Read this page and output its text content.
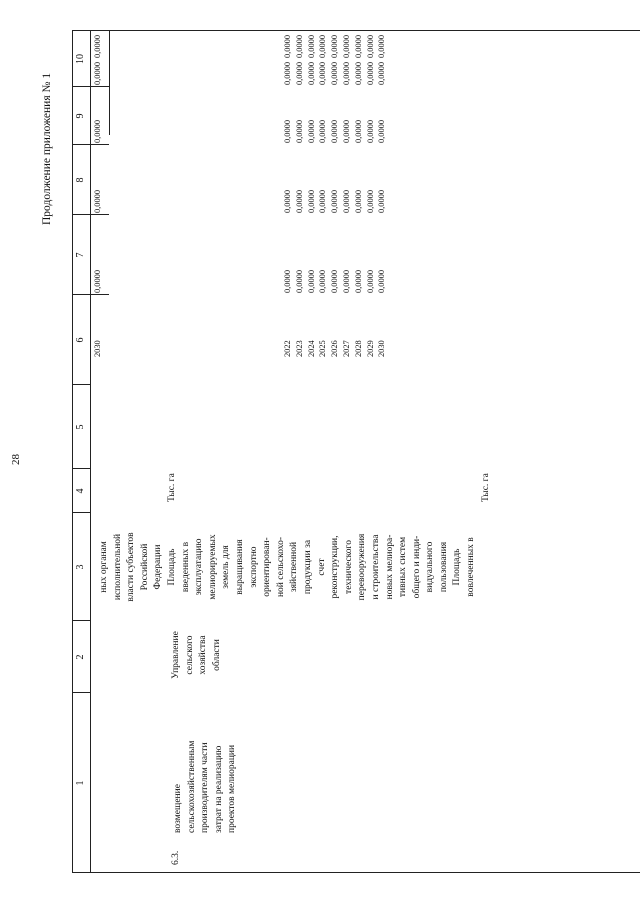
28
Продолжение приложения № 1
1
2
3
4
5
6
7
8
9
10
ных органам исполнительной власти субъектов Российской Федерации
2030
0,0000
0,0000
0,0000
0,0000
0,0000
6.3.
возмещение сельскохозяйственным производителям части затрат на реализацию проектов мелиорации
Управление сельского хозяйства области
Площадь введенных в эксплуатацию мелиорируемых земель для выращивания экспортно ориентирован- ной сельскохо- зяйственной продукции за счет реконструкции, технического перевооружения и строительства новых мелиора- тивных систем общего и инди- видуального пользования Площадь вовлеченных в
Тыс. га	Тыс. га
2022 2023 2024 2025 2026 2027 2028 2029 2030
0,0000 0,0000 0,0000 0,0000 0,0000 0,0000 0,0000 0,0000 0,0000
0,0000 0,0000 0,0000 0,0000 0,0000 0,0000 0,0000 0,0000 0,0000
0,0000 0,0000 0,0000 0,0000 0,0000 0,0000 0,0000 0,0000 0,0000
0,0000 0,0000 0,0000 0,0000 0,0000 0,0000 0,0000 0,0000 0,0000
0,0000 0,0000 0,0000 0,0000 0,0000 0,0000 0,0000 0,0000 0,0000
